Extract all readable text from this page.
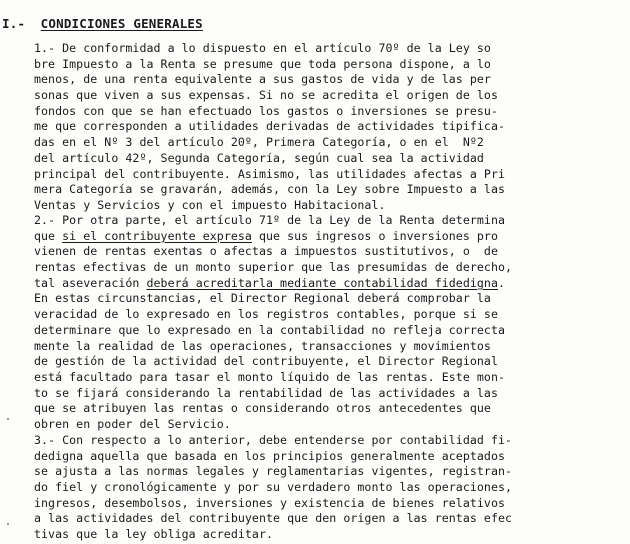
I.- CONDICIONES GENERALES
1.- De conformidad a lo dispuesto en el artículo 70º de la Ley so
bre Impuesto a la Renta se presume que toda persona dispone, a lo
menos, de una renta equivalente a sus gastos de vida y de las per
sonas que viven a sus expensas. Si no se acredita el origen de los
fondos con que se han efectuado los gastos o inversiones se presu-
me que corresponden a utilidades derivadas de actividades tipifica-
das en el Nº 3 del artículo 20º, Primera Categoría, o en el  Nº2
del artículo 42º, Segunda Categoría, según cual sea la actividad
principal del contribuyente. Asimismo, las utilidades afectas a Pri
mera Categoría se gravarán, además, con la Ley sobre Impuesto a las
Ventas y Servicios y con el impuesto Habitacional.
2.- Por otra parte, el artículo 71º de la Ley de la Renta determina
que si el contribuyente expresa que sus ingresos o inversiones pro
vienen de rentas exentas o afectas a impuestos sustitutivos, o  de
rentas efectivas de un monto superior que las presumidas de derecho,
tal aseveración deberá acreditarla mediante contabilidad fidedigna.
En estas circunstancias, el Director Regional deberá comprobar la
veracidad de lo expresado en los registros contables, porque si se
determinare que lo expresado en la contabilidad no refleja correcta
mente la realidad de las operaciones, transacciones y movimientos
de gestión de la actividad del contribuyente, el Director Regional
está facultado para tasar el monto líquido de las rentas. Este mon-
to se fijará considerando la rentabilidad de las actividades a las
que se atribuyen las rentas o considerando otros antecedentes que
obren en poder del Servicio.
3.- Con respecto a lo anterior, debe entenderse por contabilidad fi-
dedigna aquella que basada en los principios generalmente aceptados
se ajusta a las normas legales y reglamentarias vigentes, registran-
do fiel y cronológicamente y por su verdadero monto las operaciones,
ingresos, desembolsos, inversiones y existencia de bienes relativos
a las actividades del contribuyente que den origen a las rentas efec
tivas que la ley obliga acreditar.
